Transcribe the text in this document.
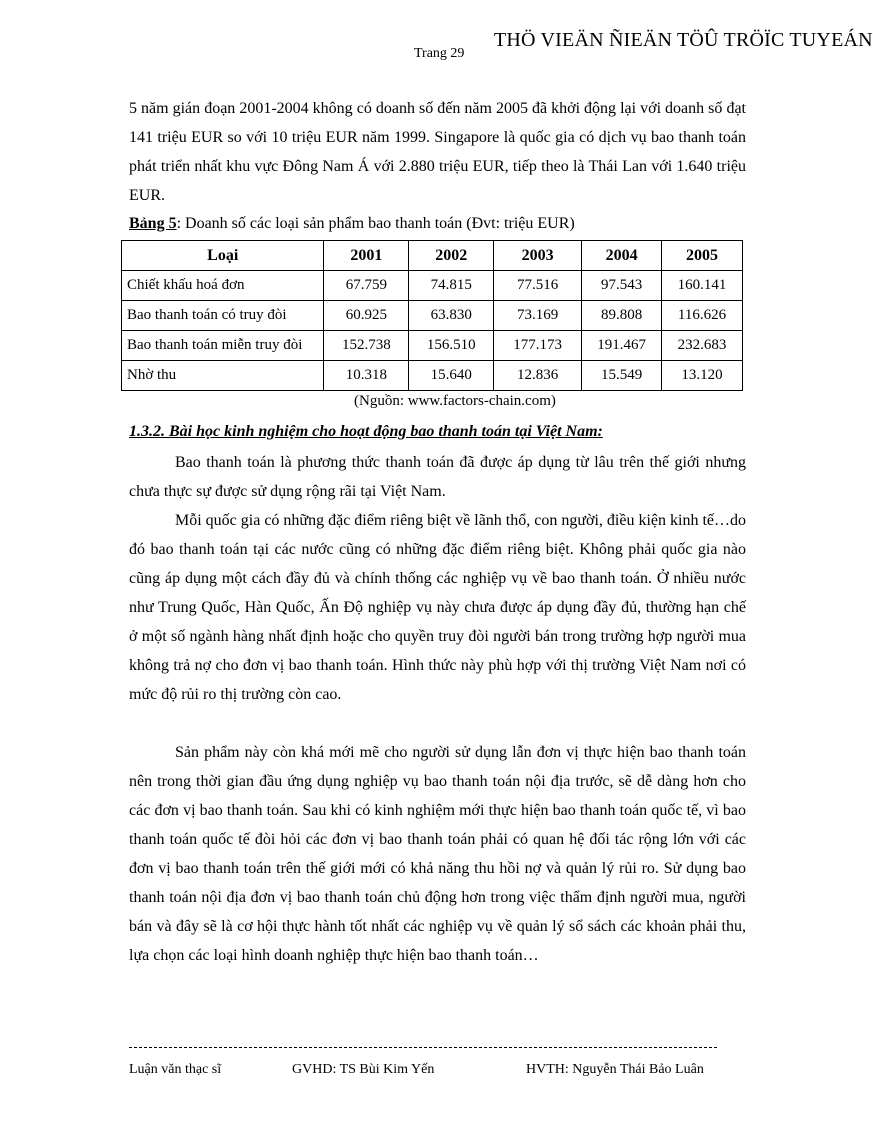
Trang 29
THÖ VIEÄN ÑIEÄN TÖÛ TRÖÏC TUYEÁN

5 năm gián đoạn 2001-2004 không có doanh số đến năm 2005 đã khởi động lại với doanh số đạt 141 triệu EUR so với 10 triệu EUR năm 1999. Singapore là quốc gia có dịch vụ bao thanh toán phát triển nhất khu vực Đông Nam Á với 2.880 triệu EUR, tiếp theo là Thái Lan với 1.640 triệu EUR.

Bảng 5: Doanh số các loại sản phẩm bao thanh toán (Đvt: triệu EUR)
Loại	2001	2002	2003	2004	2005
Chiết khấu hoá đơn	67.759	74.815	77.516	97.543	160.141
Bao thanh toán có truy đòi	60.925	63.830	73.169	89.808	116.626
Bao thanh toán miễn truy đòi	152.738	156.510	177.173	191.467	232.683
Nhờ thu	10.318	15.640	12.836	15.549	13.120
(Nguồn: www.factors-chain.com)
1.3.2. Bài học kinh nghiệm cho hoạt động bao thanh toán tại Việt Nam:

Bao thanh toán là phương thức thanh toán đã được áp dụng từ lâu trên thế giới nhưng chưa thực sự được sử dụng rộng rãi tại Việt Nam.

Mỗi quốc gia có những đặc điểm riêng biệt về lãnh thổ, con người, điều kiện kinh tế…do đó bao thanh toán tại các nước cũng có những đặc điểm riêng biệt. Không phải quốc gia nào cũng áp dụng một cách đầy đủ và chính thống các nghiệp vụ về bao thanh toán. Ở nhiều nước như Trung Quốc, Hàn Quốc, Ấn Độ nghiệp vụ này chưa được áp dụng đầy đủ, thường hạn chế ở một số ngành hàng nhất định hoặc cho quyền truy đòi người bán trong trường hợp người mua không trả nợ cho đơn vị bao thanh toán. Hình thức này phù hợp với thị trường Việt Nam nơi có mức độ rủi ro thị trường còn cao.

Sản phẩm này còn khá mới mẽ cho người sử dụng lẫn đơn vị thực hiện bao thanh toán nên trong thời gian đầu ứng dụng nghiệp vụ bao thanh toán nội địa trước, sẽ dễ dàng hơn cho các đơn vị bao thanh toán. Sau khi có kinh nghiệm mới thực hiện bao thanh toán quốc tế, vì bao thanh toán quốc tế đòi hỏi các đơn vị bao thanh toán phải có quan hệ đối tác rộng lớn với các đơn vị bao thanh toán trên thế giới mới có khả năng thu hồi nợ và quản lý rủi ro. Sử dụng bao thanh toán nội địa đơn vị bao thanh toán chủ động hơn trong việc thẩm định người mua, người bán và đây sẽ là cơ hội thực hành tốt nhất các nghiệp vụ về quản lý sổ sách các khoản phải thu, lựa chọn các loại hình doanh nghiệp thực hiện bao thanh toán…

Luận văn thạc sĩ	GVHD: TS Bùi Kim Yến	HVTH: Nguyễn Thái Bảo Luân
